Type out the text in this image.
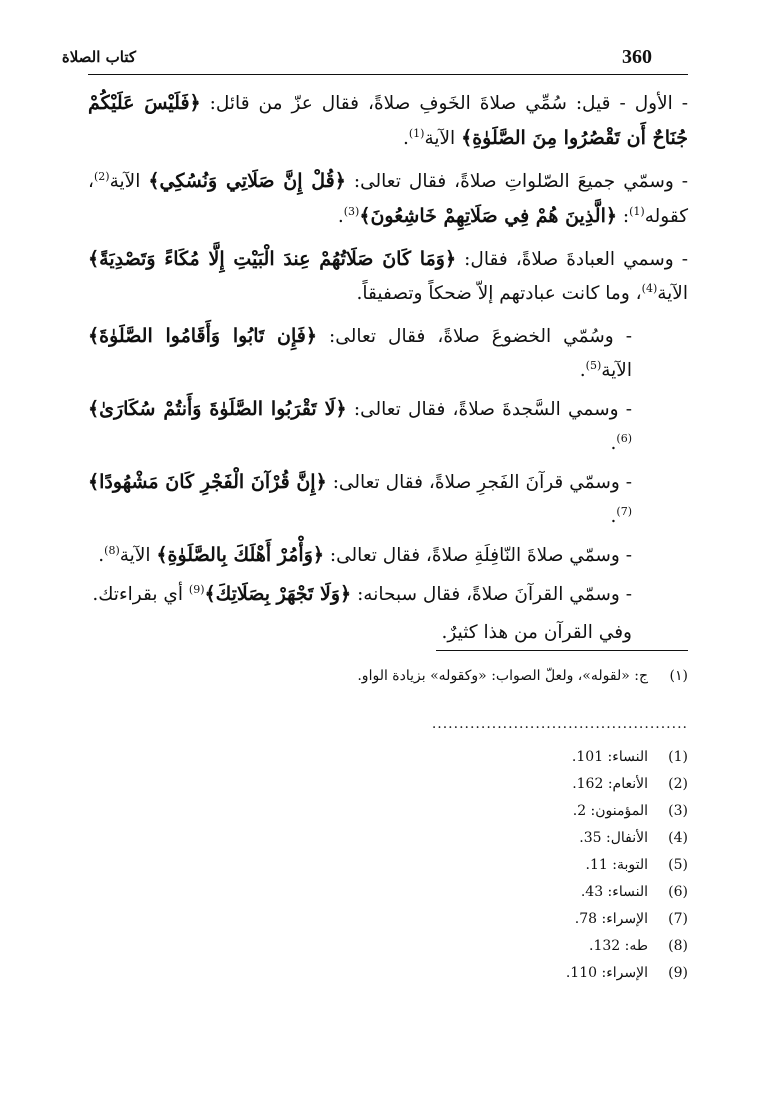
360
كتاب الصلاة

- الأول - قيل: سُمِّي صلاةَ الخَوفِ صلاةً، فقال عزّ من قائل: ﴿فَلَيْسَ عَلَيْكُمْ جُنَاحٌ أَن تَقْصُرُوا مِنَ الصَّلَوٰةِ﴾ الآية$^{(1)}$.

- وسمّي جميعَ الصّلواتِ صلاةً، فقال تعالى: ﴿قُلْ إِنَّ صَلَاتِي وَنُسُكِي﴾ الآية$^{(2)}$، كقوله$^{(1)}$: ﴿الَّذِينَ هُمْ فِي صَلَاتِهِمْ خَاشِعُونَ﴾$^{(3)}$.

- وسمي العبادةَ صلاةً، فقال: ﴿وَمَا كَانَ صَلَاتُهُمْ عِندَ الْبَيْتِ إِلَّا مُكَاءً وَتَصْدِيَةً﴾ الآية$^{(4)}$، وما كانت عبادتهم إلاّ ضحكاً وتصفيقاً.

- وسُمّي الخضوعَ صلاةً، فقال تعالى: ﴿فَإِن تَابُوا وَأَقَامُوا الصَّلَوٰةَ﴾ الآية$^{(5)}$.

- وسمي السَّجدةَ صلاةً، فقال تعالى: ﴿لَا تَقْرَبُوا الصَّلَوٰةَ وَأَنتُمْ سُكَارَىٰ﴾$^{(6)}$.

- وسمّي قرآنَ الفَجرِ صلاةً، فقال تعالى: ﴿إِنَّ قُرْآنَ الْفَجْرِ كَانَ مَشْهُودًا﴾$^{(7)}$.

- وسمّي صلاةَ النّافِلَةِ صلاةً، فقال تعالى: ﴿وَأْمُرْ أَهْلَكَ بِالصَّلَوٰةِ﴾ الآية$^{(8)}$.

- وسمّي القرآنَ صلاةً، فقال سبحانه: ﴿وَلَا تَجْهَرْ بِصَلَاتِكَ﴾$^{(9)}$ أي بقراءتك.

وفي القرآن من هذا كثيرٌ.

(١)ج: «لقوله»، ولعلّ الصواب: «وكقوله» بزيادة الواو.
...............................................
(1)النساء: 101.
(2)الأنعام: 162.
(3)المؤمنون: 2.
(4)الأنفال: 35.
(5)التوبة: 11.
(6)النساء: 43.
(7)الإسراء: 78.
(8)طه: 132.
(9)الإسراء: 110.
